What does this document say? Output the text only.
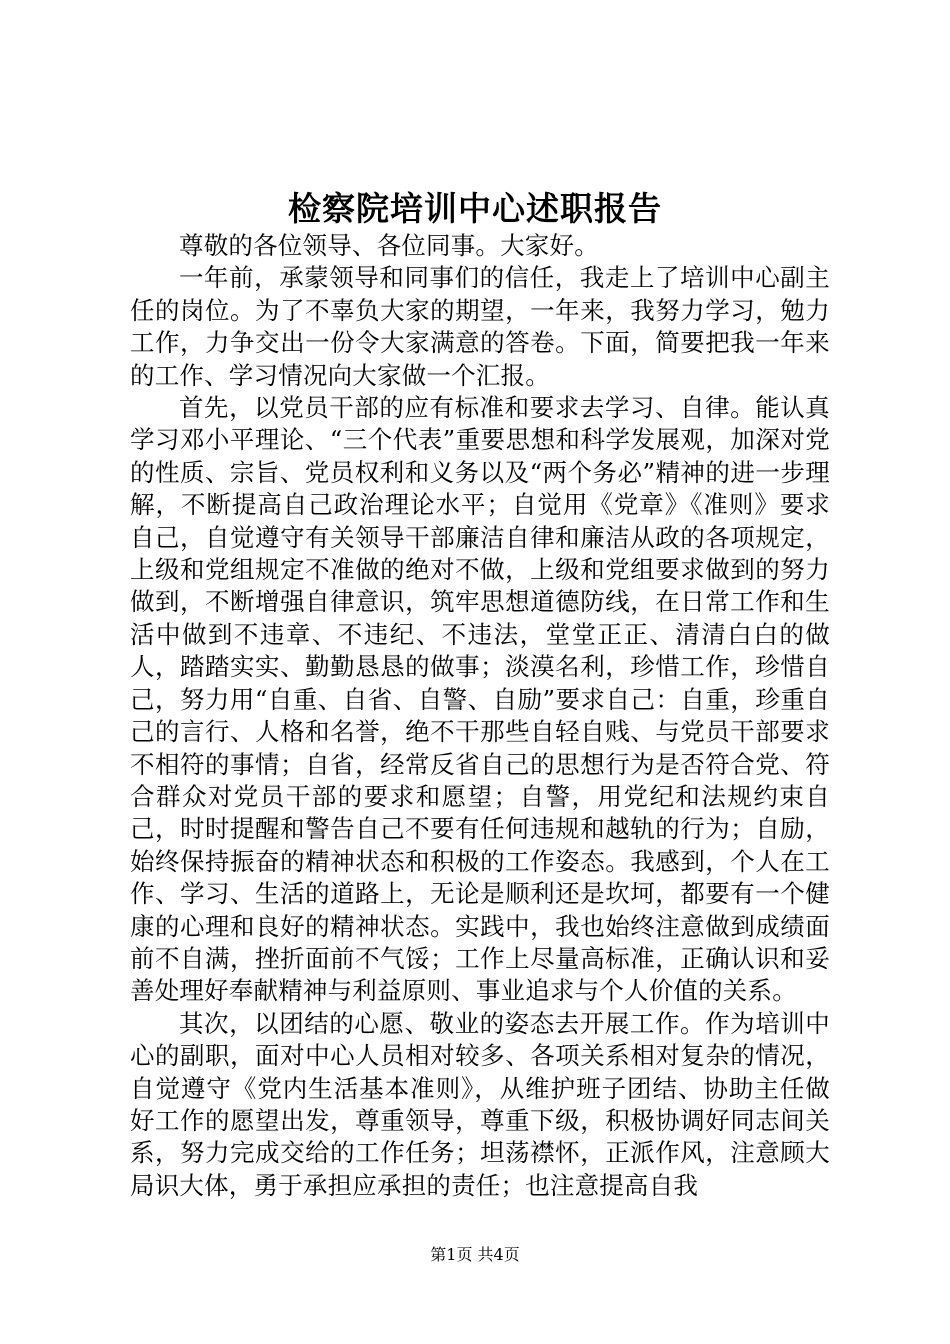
检察院培训中心述职报告

尊敬的各位领导、各位同事。大家好。

一年前，承蒙领导和同事们的信任，我走上了培训中心副主任的岗位。为了不辜负大家的期望，一年来，我努力学习，勉力工作，力争交出一份令大家满意的答卷。下面，简要把我一年来的工作、学习情况向大家做一个汇报。

首先，以党员干部的应有标准和要求去学习、自律。能认真学习邓小平理论、“三个代表”重要思想和科学发展观，加深对党的性质、宗旨、党员权利和义务以及“两个务必”精神的进一步理解，不断提高自己政治理论水平；自觉用《党章》《准则》要求自己，自觉遵守有关领导干部廉洁自律和廉洁从政的各项规定，上级和党组规定不准做的绝对不做，上级和党组要求做到的努力做到，不断增强自律意识，筑牢思想道德防线，在日常工作和生活中做到不违章、不违纪、不违法，堂堂正正、清清白白的做人，踏踏实实、勤勤恳恳的做事；淡漠名利，珍惜工作，珍惜自己，努力用“自重、自省、自警、自励”要求自己：自重，珍重自己的言行、人格和名誉，绝不干那些自轻自贱、与党员干部要求不相符的事情；自省，经常反省自己的思想行为是否符合党、符合群众对党员干部的要求和愿望；自警，用党纪和法规约束自己，时时提醒和警告自己不要有任何违规和越轨的行为；自励，始终保持振奋的精神状态和积极的工作姿态。我感到，个人在工作、学习、生活的道路上，无论是顺利还是坎坷，都要有一个健康的心理和良好的精神状态。实践中，我也始终注意做到成绩面前不自满，挫折面前不气馁；工作上尽量高标准，正确认识和妥善处理好奉献精神与利益原则、事业追求与个人价值的关系。

其次，以团结的心愿、敬业的姿态去开展工作。作为培训中心的副职，面对中心人员相对较多、各项关系相对复杂的情况，自觉遵守《党内生活基本准则》，从维护班子团结、协助主任做好工作的愿望出发，尊重领导，尊重下级，积极协调好同志间关系，努力完成交给的工作任务；坦荡襟怀，正派作风，注意顾大局识大体，勇于承担应承担的责任；也注意提高自我

第1页 共4页
